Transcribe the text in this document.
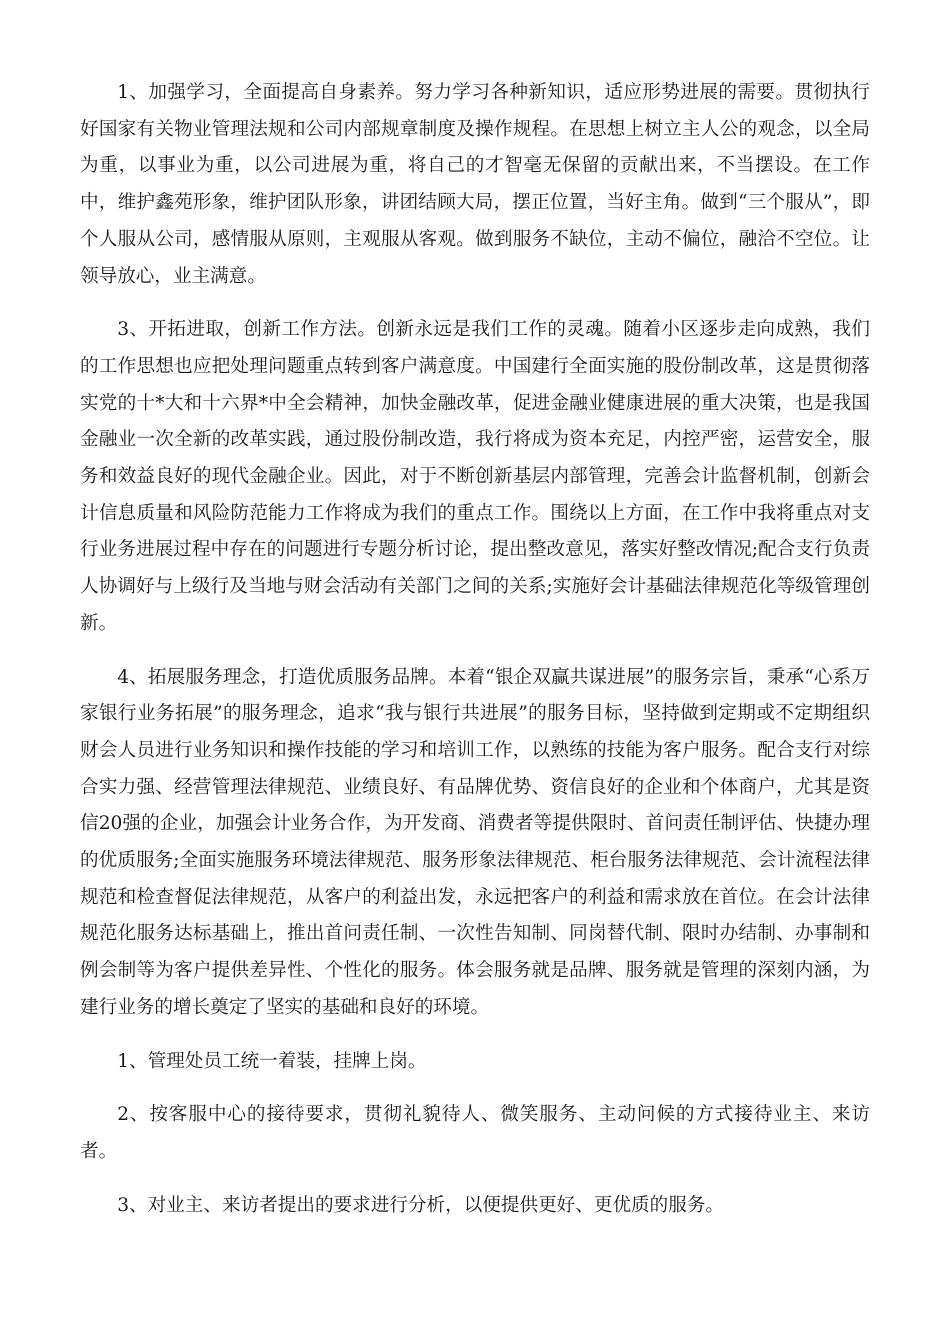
1、加强学习，全面提高自身素养。努力学习各种新知识，适应形势进展的需要。贯彻执行好国家有关物业管理法规和公司内部规章制度及操作规程。在思想上树立主人公的观念，以全局为重，以事业为重，以公司进展为重，将自己的才智毫无保留的贡献出来，不当摆设。在工作中，维护鑫苑形象，维护团队形象，讲团结顾大局，摆正位置，当好主角。做到“三个服从”，即个人服从公司，感情服从原则，主观服从客观。做到服务不缺位，主动不偏位，融洽不空位。让领导放心，业主满意。

3、开拓进取，创新工作方法。创新永远是我们工作的灵魂。随着小区逐步走向成熟，我们的工作思想也应把处理问题重点转到客户满意度。中国建行全面实施的股份制改革，这是贯彻落实党的十*大和十六界*中全会精神，加快金融改革，促进金融业健康进展的重大决策，也是我国金融业一次全新的改革实践，通过股份制改造，我行将成为资本充足，内控严密，运营安全，服务和效益良好的现代金融企业。因此，对于不断创新基层内部管理，完善会计监督机制，创新会计信息质量和风险防范能力工作将成为我们的重点工作。围绕以上方面，在工作中我将重点对支行业务进展过程中存在的问题进行专题分析讨论，提出整改意见，落实好整改情况;配合支行负责人协调好与上级行及当地与财会活动有关部门之间的关系;实施好会计基础法律规范化等级管理创新。

4、拓展服务理念，打造优质服务品牌。本着“银企双赢共谋进展”的服务宗旨，秉承“心系万家银行业务拓展”的服务理念，追求“我与银行共进展”的服务目标，坚持做到定期或不定期组织财会人员进行业务知识和操作技能的学习和培训工作，以熟练的技能为客户服务。配合支行对综合实力强、经营管理法律规范、业绩良好、有品牌优势、资信良好的企业和个体商户，尤其是资信20强的企业，加强会计业务合作，为开发商、消费者等提供限时、首问责任制评估、快捷办理的优质服务;全面实施服务环境法律规范、服务形象法律规范、柜台服务法律规范、会计流程法律规范和检查督促法律规范，从客户的利益出发，永远把客户的利益和需求放在首位。在会计法律规范化服务达标基础上，推出首问责任制、一次性告知制、同岗替代制、限时办结制、办事制和例会制等为客户提供差异性、个性化的服务。体会服务就是品牌、服务就是管理的深刻内涵，为建行业务的增长奠定了坚实的基础和良好的环境。

1、管理处员工统一着装，挂牌上岗。

2、按客服中心的接待要求，贯彻礼貌待人、微笑服务、主动问候的方式接待业主、来访者。

3、对业主、来访者提出的要求进行分析，以便提供更好、更优质的服务。
